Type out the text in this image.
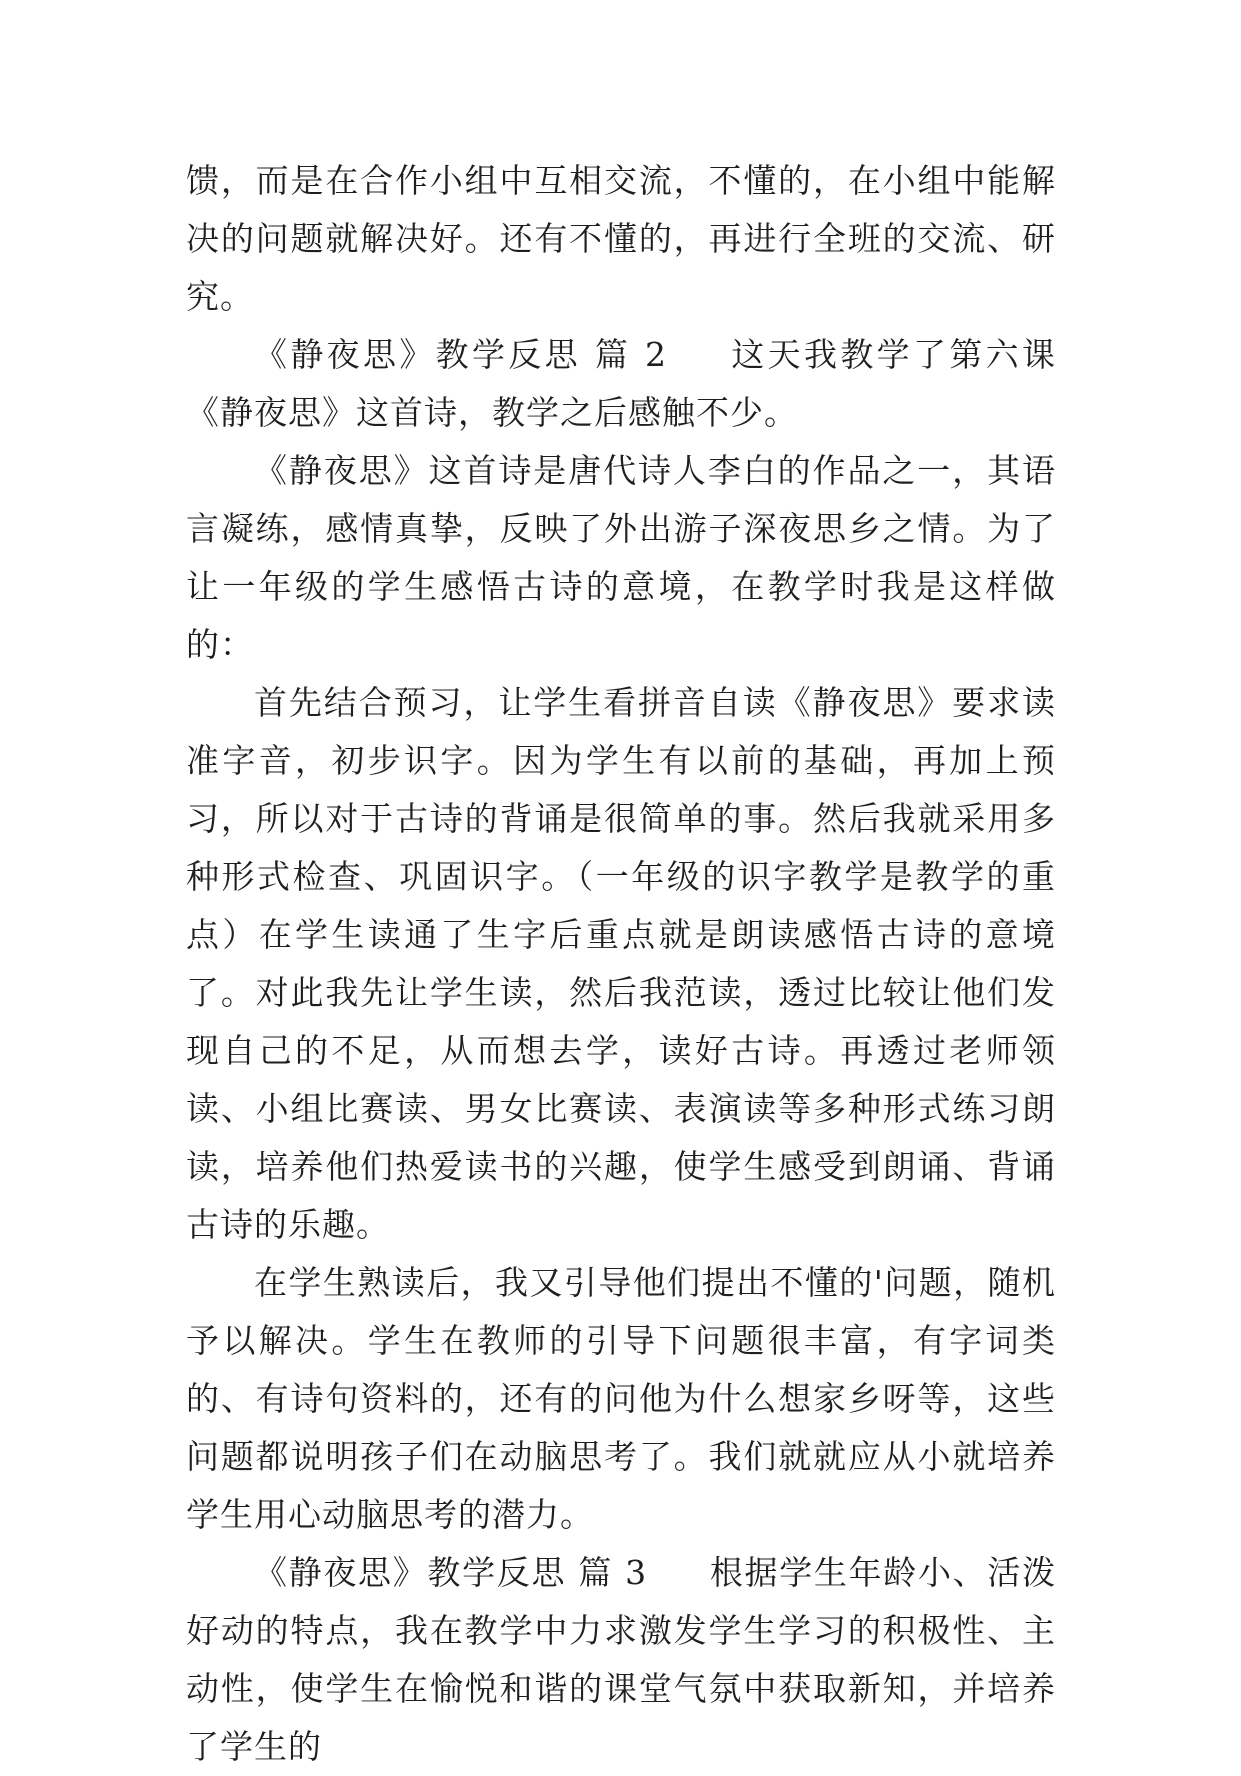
馈，而是在合作小组中互相交流，不懂的，在小组中能解决的问题就解决好。还有不懂的，再进行全班的交流、研究。

《静夜思》教学反思 篇 2 这天我教学了第六课《静夜思》这首诗，教学之后感触不少。

《静夜思》这首诗是唐代诗人李白的作品之一，其语言凝练，感情真挚，反映了外出游子深夜思乡之情。为了让一年级的学生感悟古诗的意境，在教学时我是这样做的：

首先结合预习，让学生看拼音自读《静夜思》要求读准字音，初步识字。因为学生有以前的基础，再加上预习，所以对于古诗的背诵是很简单的事。然后我就采用多种形式检查、巩固识字。（一年级的识字教学是教学的重点）在学生读通了生字后重点就是朗读感悟古诗的意境了。对此我先让学生读，然后我范读，透过比较让他们发现自己的不足，从而想去学，读好古诗。再透过老师领读、小组比赛读、男女比赛读、表演读等多种形式练习朗读，培养他们热爱读书的兴趣，使学生感受到朗诵、背诵古诗的乐趣。

在学生熟读后，我又引导他们提出不懂的'问题，随机予以解决。学生在教师的引导下问题很丰富，有字词类的、有诗句资料的，还有的问他为什么想家乡呀等，这些问题都说明孩子们在动脑思考了。我们就就应从小就培养学生用心动脑思考的潜力。

《静夜思》教学反思 篇 3 根据学生年龄小、活泼好动的特点，我在教学中力求激发学生学习的积极性、主动性，使学生在愉悦和谐的课堂气氛中获取新知，并培养了学生的
